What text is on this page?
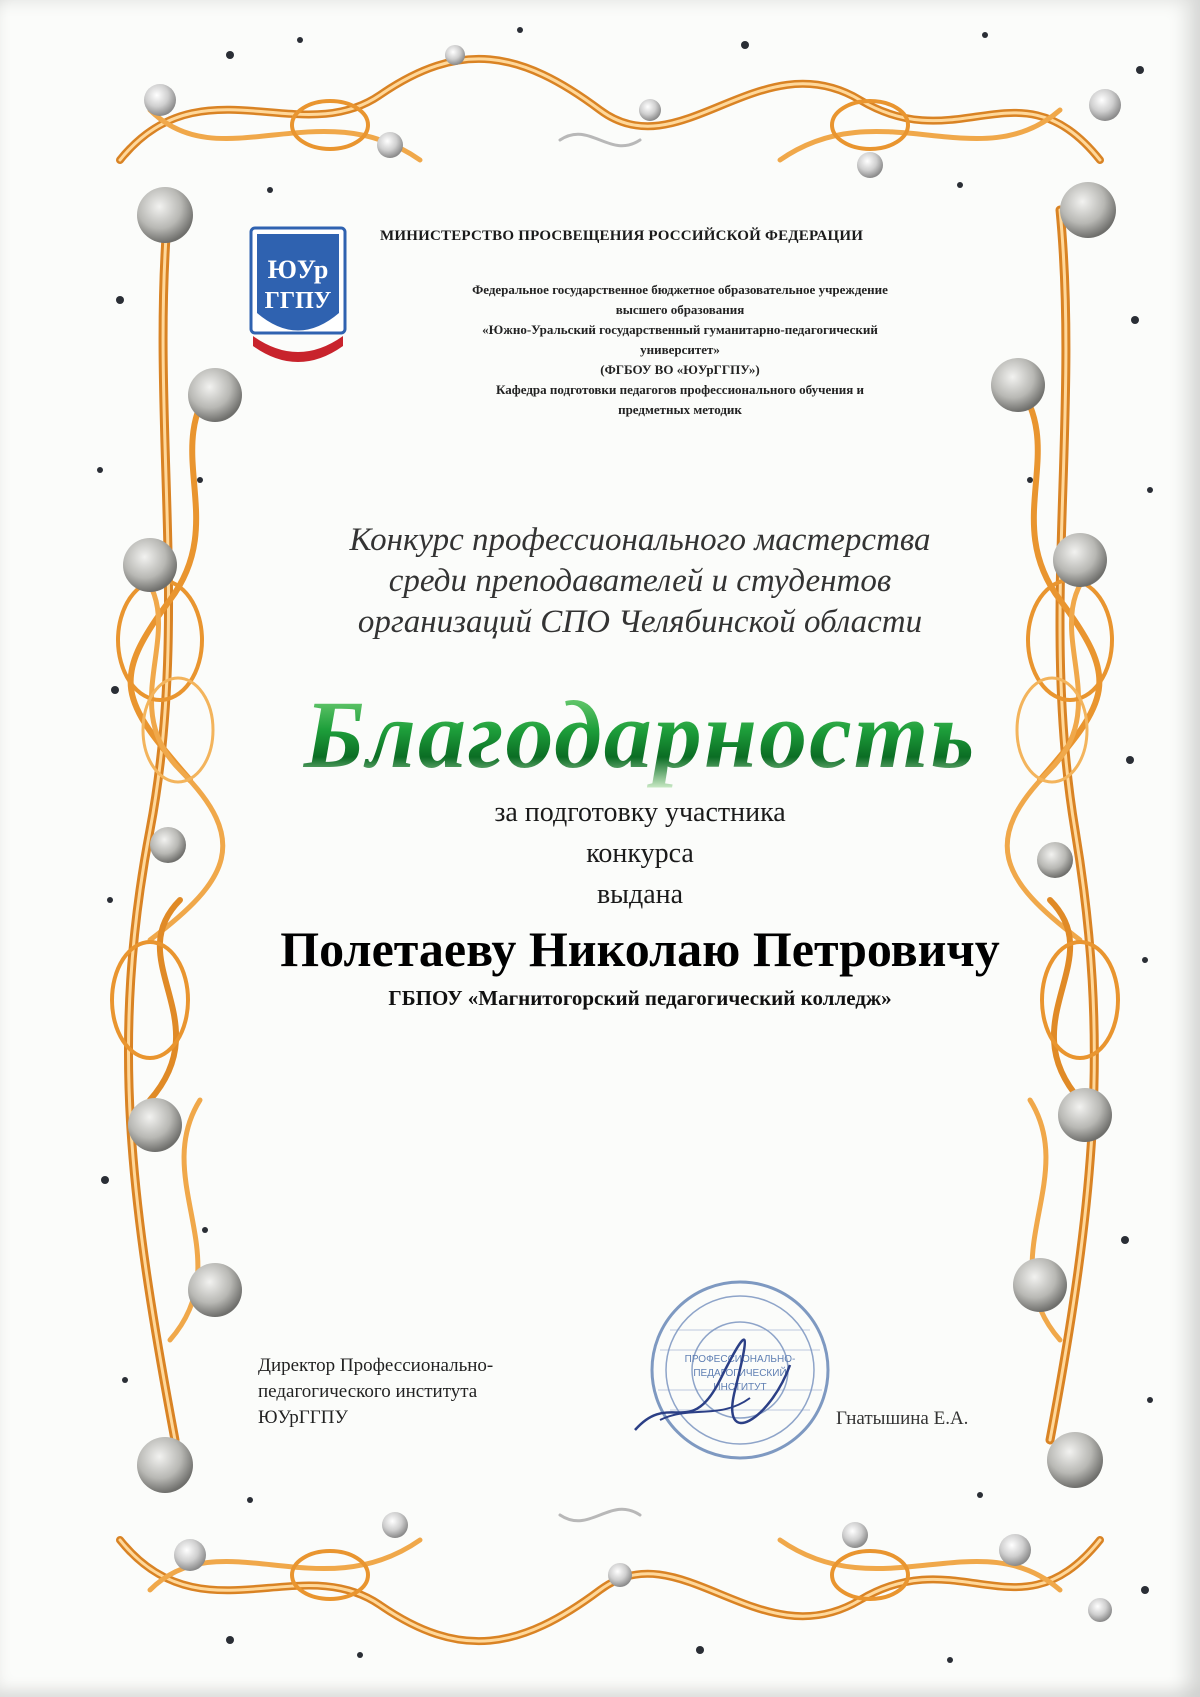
ЮУр
ГГПУ
ПРОФЕССИОНАЛЬНО-
ПЕДАГОГИЧЕСКИЙ
ИНСТИТУТ
МИНИСТЕРСТВО ПРОСВЕЩЕНИЯ РОССИЙСКОЙ ФЕДЕРАЦИИ
Федеральное государственное бюджетное образовательное учреждение
высшего образования
«Южно-Уральский государственный гуманитарно-педагогический
университет»
(ФГБОУ ВО «ЮУрГГПУ»)
Кафедра подготовки педагогов профессионального обучения и
предметных методик
Конкурс профессионального мастерства
среди преподавателей и студентов
организаций СПО Челябинской области
Благодарность
за подготовку участника
конкурса
выдана
Полетаеву Николаю Петровичу
ГБПОУ «Магнитогорский педагогический колледж»
Директор Профессионально-
педагогического института
ЮУрГГПУ	Гнатышина Е.А.
